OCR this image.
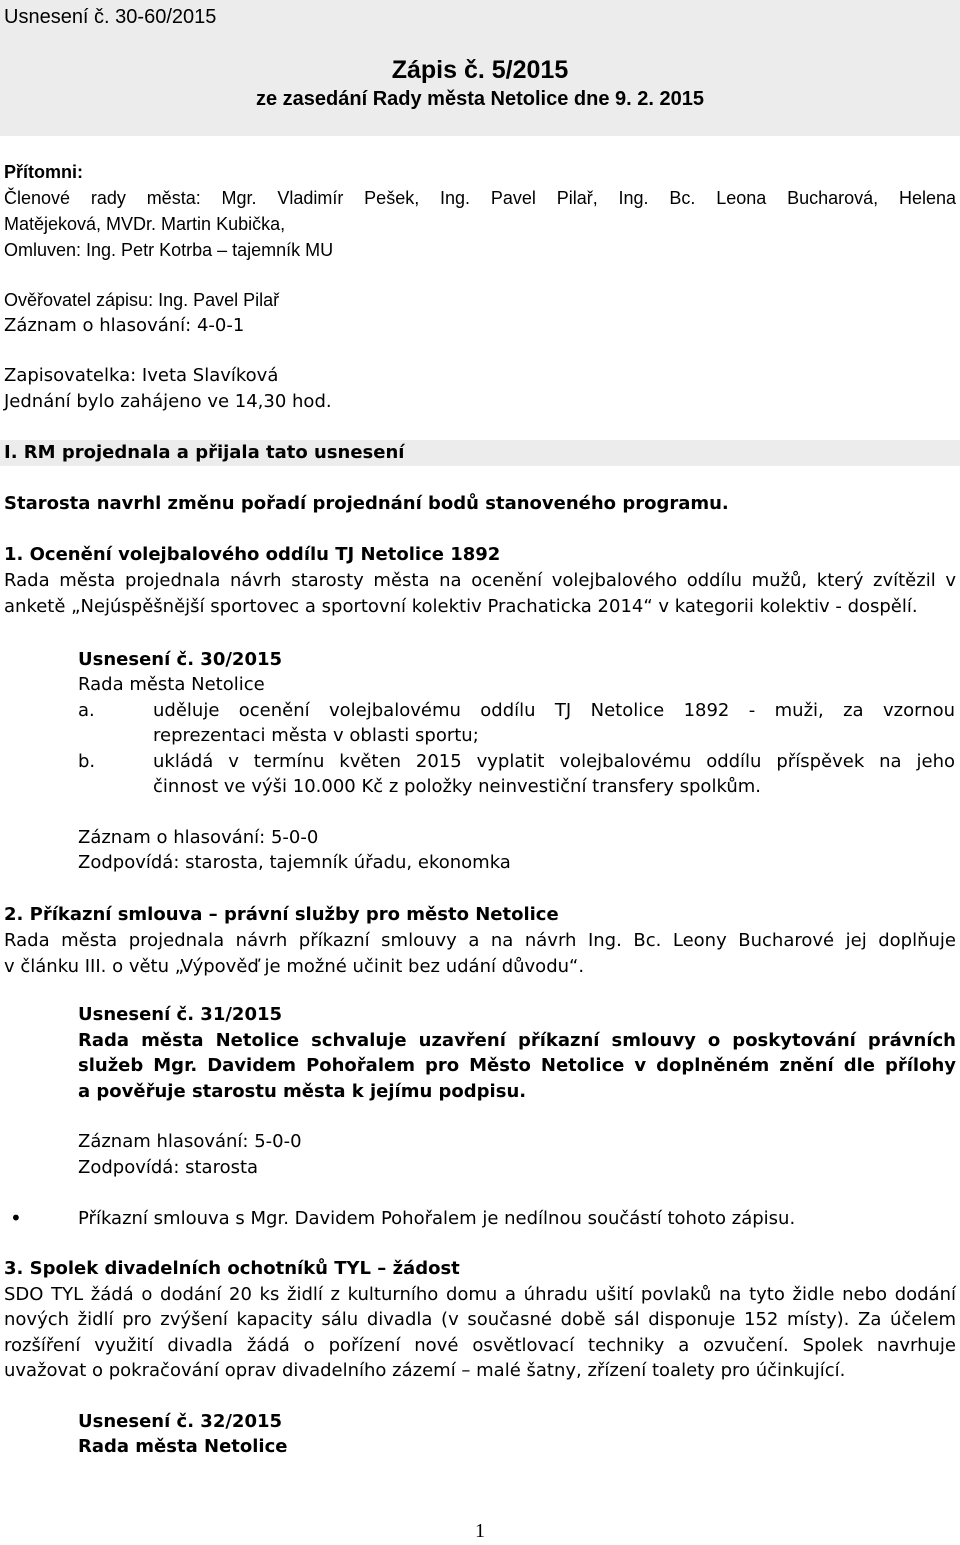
Usnesení č. 30-60/2015
Zápis č. 5/2015
ze zasedání Rady města Netolice dne 9. 2. 2015
Přítomni:
Členové rady města: Mgr. Vladimír Pešek, Ing. Pavel Pilař, Ing. Bc. Leona Bucharová, Helena
Matějeková, MVDr. Martin Kubička,
Omluven: Ing. Petr Kotrba – tajemník MU
Ověřovatel zápisu: Ing. Pavel Pilař
Záznam o hlasování: 4-0-1
Zapisovatelka: Iveta Slavíková
Jednání bylo zahájeno ve 14,30 hod.
I. RM projednala a přijala tato usnesení
Starosta navrhl změnu pořadí projednání bodů stanoveného programu.
1. Ocenění volejbalového oddílu TJ Netolice 1892
Rada města projednala návrh starosty města na ocenění volejbalového oddílu mužů, který zvítězil v
anketě „Nejúspěšnější sportovec a sportovní kolektiv Prachaticka 2014“ v kategorii kolektiv - dospělí.
Usnesení č. 30/2015
Rada města Netolice
a.	uděluje ocenění volejbalovému oddílu TJ Netolice 1892 - muži, za vzornou
reprezentaci města v oblasti sportu;
b.	ukládá v termínu květen 2015 vyplatit volejbalovému oddílu příspěvek na jeho
činnost ve výši 10.000 Kč z položky neinvestiční transfery spolkům.
Záznam o hlasování: 5-0-0
Zodpovídá: starosta, tajemník úřadu, ekonomka
2. Příkazní smlouva – právní služby pro město Netolice
Rada města projednala návrh příkazní smlouvy a na návrh Ing. Bc. Leony Bucharové jej doplňuje
v článku III. o větu „Výpověď je možné učinit bez udání důvodu“.
Usnesení č. 31/2015
Rada města Netolice schvaluje uzavření příkazní smlouvy o poskytování právních
služeb Mgr. Davidem Pohořalem pro Město Netolice v doplněném znění dle přílohy
a pověřuje starostu města k jejímu podpisu.
Záznam hlasování: 5-0-0
Zodpovídá: starosta
•	Příkazní smlouva s Mgr. Davidem Pohořalem je nedílnou součástí tohoto zápisu.
3. Spolek divadelních ochotníků TYL – žádost
SDO TYL žádá o dodání 20 ks židlí z kulturního domu a úhradu ušití povlaků na tyto židle nebo dodání
nových židlí pro zvýšení kapacity sálu divadla (v současné době sál disponuje 152 místy). Za účelem
rozšíření využití divadla žádá o pořízení nové osvětlovací techniky a ozvučení. Spolek navrhuje
uvažovat o pokračování oprav divadelního zázemí – malé šatny, zřízení toalety pro účinkující.
Usnesení č. 32/2015
Rada města Netolice
1
